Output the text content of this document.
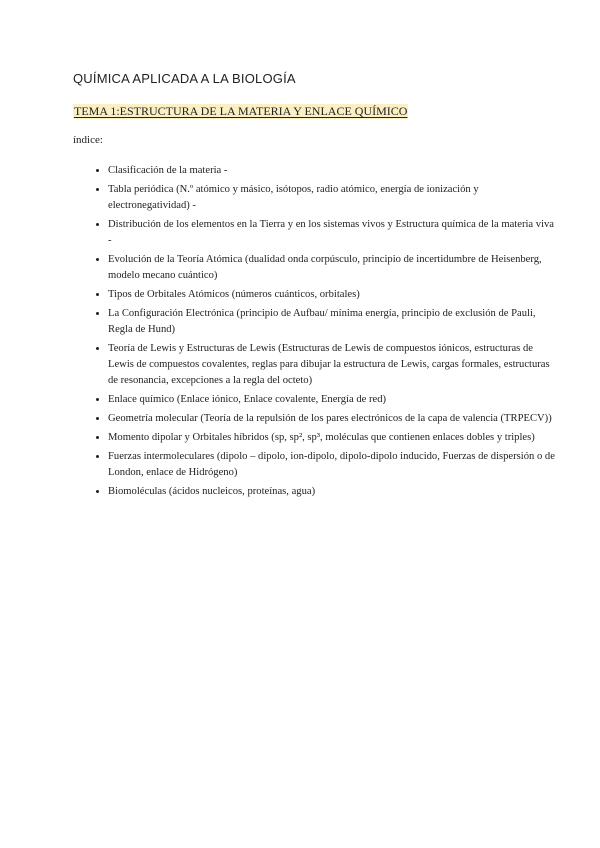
QUÍMICA APLICADA A LA BIOLOGÍA
TEMA 1:ESTRUCTURA DE LA MATERIA Y ENLACE QUÍMICO
índice:
• Clasificación de la materia -
• Tabla periódica (N.º atómico y másico, isótopos, radio atómico, energía de ionización y electronegatividad) -
• Distribución de los elementos en la Tierra y en los sistemas vivos y Estructura química de la materia viva -
• Evolución de la Teoría Atómica (dualidad onda corpúsculo, principio de incertidumbre de Heisenberg, modelo mecano cuántico)
• Tipos de Orbitales Atómicos (números cuánticos, orbitales)
• La Configuración Electrónica (principio de Aufbau/ mínima energía, principio de exclusión de Pauli, Regla de Hund)
• Teoría de Lewis y Estructuras de Lewis (Estructuras de Lewis de compuestos iónicos, estructuras de Lewis de compuestos covalentes, reglas para dibujar la estructura de Lewis, cargas formales, estructuras de resonancia, excepciones a la regla del octeto)
• Enlace químico (Enlace iónico, Enlace covalente, Energía de red)
• Geometría molecular (Teoría de la repulsión de los pares electrónicos de la capa de valencia (TRPECV))
• Momento dipolar y Orbitales híbridos (sp, sp², sp³, moléculas que contienen enlaces dobles y triples)
• Fuerzas intermoleculares (dipolo – dipolo, ion-dipolo, dipolo-dipolo inducido, Fuerzas de dispersión o de London, enlace de Hidrógeno)
• Biomoléculas (ácidos nucleicos, proteínas, agua)
